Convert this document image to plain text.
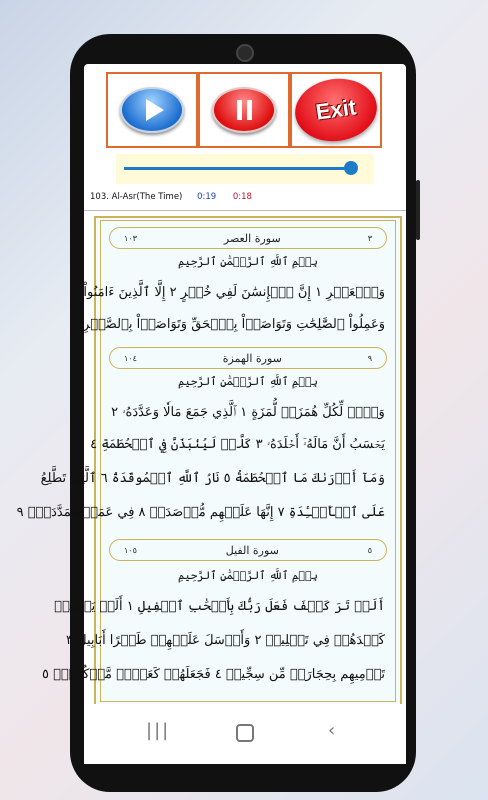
Exit
103. Al-Asr(The Time) 0:19 0:18
١٠٣	سورة العصر	٣
بِسۡمِ ٱللَّهِ ٱلرَّحۡمَٰنِ ٱلرَّحِيمِ
وَٱلۡعَصۡرِ ١ إِنَّ ٱلۡإِنسَٰنَ لَفِي خُسۡرٍ ٢ إِلَّا ٱلَّذِينَ ءَامَنُواْ
وَعَمِلُواْ ٱلصَّٰلِحَٰتِ وَتَوَاصَوۡاْ بِٱلۡحَقِّ وَتَوَاصَوۡاْ بِٱلصَّبۡرِ ٣
١٠٤	سورة الهمزة	٩
بِسۡمِ ٱللَّهِ ٱلرَّحۡمَٰنِ ٱلرَّحِيمِ
وَيۡلٞ لِّكُلِّ هُمَزَةٖ لُّمَزَةٍ ١ ٱلَّذِي جَمَعَ مَالٗا وَعَدَّدَهُۥ ٢
يَحۡسَبُ أَنَّ مَالَهُۥٓ أَخۡلَدَهُۥ ٣ كَلَّاۖ لَيُنۢبَذَنَّ فِي ٱلۡحُطَمَةِ ٤
وَمَآ أَدۡرَىٰكَ مَا ٱلۡحُطَمَةُ ٥ نَارُ ٱللَّهِ ٱلۡمُوقَدَةُ ٦ ٱلَّتِي تَطَّلِعُ
عَلَى ٱلۡأَفۡـِٔدَةِ ٧ إِنَّهَا عَلَيۡهِم مُّؤۡصَدَةٞ ٨ فِي عَمَدٖ مُّمَدَّدَةِۭ ٩
١٠٥	سورة الفيل	٥
بِسۡمِ ٱللَّهِ ٱلرَّحۡمَٰنِ ٱلرَّحِيمِ
أَلَمۡ تَرَ كَيۡفَ فَعَلَ رَبُّكَ بِأَصۡحَٰبِ ٱلۡفِيلِ ١ أَلَمۡ يَجۡعَلۡ
كَيۡدَهُمۡ فِي تَضۡلِيلٖ ٢ وَأَرۡسَلَ عَلَيۡهِمۡ طَيۡرًا أَبَابِيلَ ٣
تَرۡمِيهِم بِحِجَارَةٖ مِّن سِجِّيلٖ ٤ فَجَعَلَهُمۡ كَعَصۡفٖ مَّأۡكُولِۭ ٥
|||	‹
